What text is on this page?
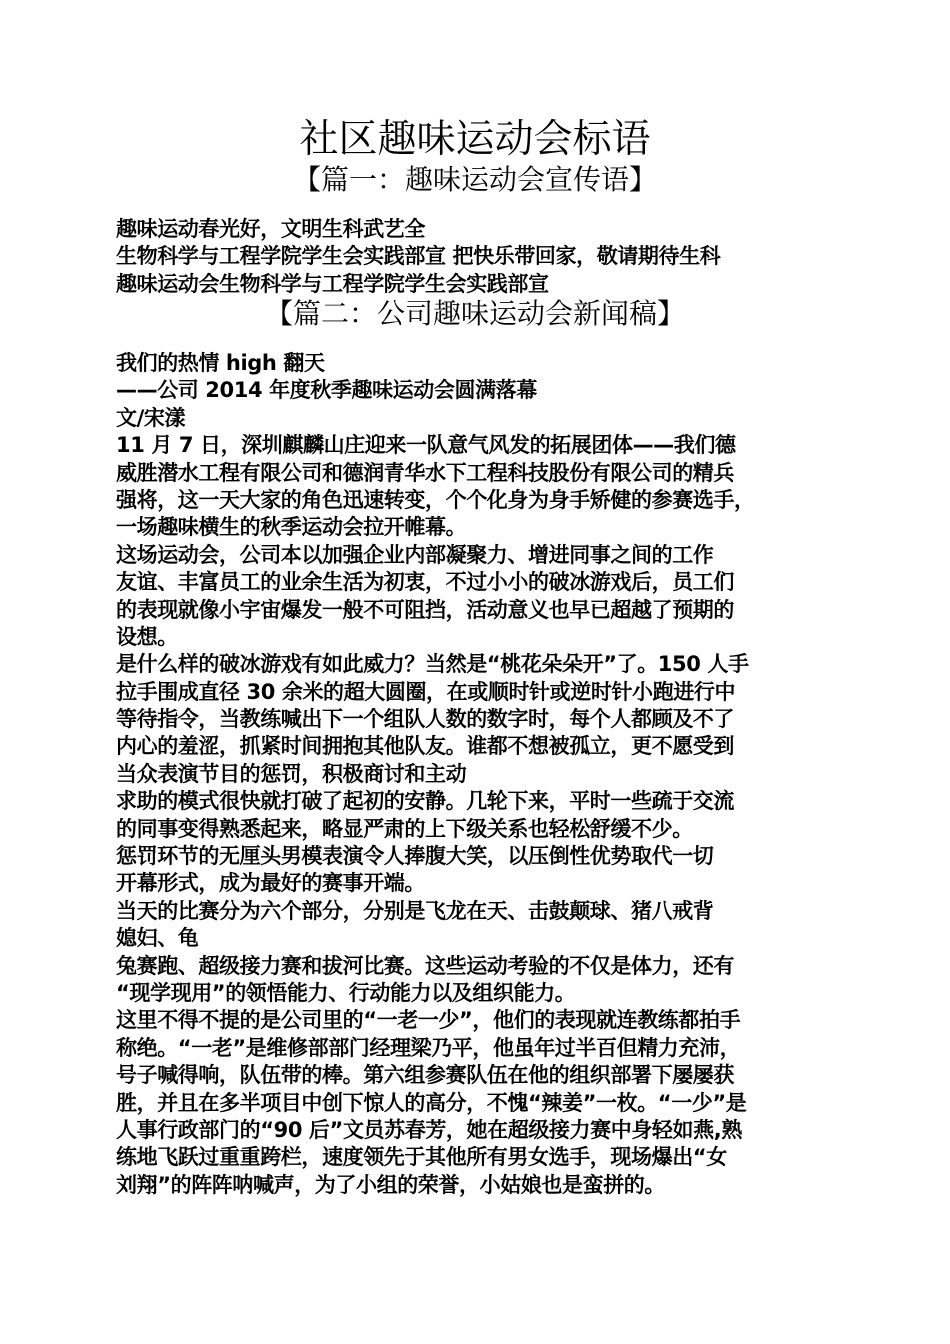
社区趣味运动会标语
【篇一：趣味运动会宣传语】
趣味运动春光好，文明生科武艺全
生物科学与工程学院学生会实践部宣 把快乐带回家，敬请期待生科
趣味运动会生物科学与工程学院学生会实践部宣
【篇二：公司趣味运动会新闻稿】
我们的热情 high 翻天
——公司 2014 年度秋季趣味运动会圆满落幕
文/宋漾
11 月 7 日，深圳麒麟山庄迎来一队意气风发的拓展团体——我们德
威胜潜水工程有限公司和德润青华水下工程科技股份有限公司的精兵
强将，这一天大家的角色迅速转变，个个化身为身手矫健的参赛选手，
一场趣味横生的秋季运动会拉开帷幕。
这场运动会，公司本以加强企业内部凝聚力、增进同事之间的工作
友谊、丰富员工的业余生活为初衷，不过小小的破冰游戏后，员工们
的表现就像小宇宙爆发一般不可阻挡，活动意义也早已超越了预期的
设想。
是什么样的破冰游戏有如此威力？当然是“桃花朵朵开”了。150 人手
拉手围成直径 30 余米的超大圆圈，在或顺时针或逆时针小跑进行中
等待指令，当教练喊出下一个组队人数的数字时，每个人都顾及不了
内心的羞涩，抓紧时间拥抱其他队友。谁都不想被孤立，更不愿受到
当众表演节目的惩罚，积极商讨和主动
求助的模式很快就打破了起初的安静。几轮下来，平时一些疏于交流
的同事变得熟悉起来，略显严肃的上下级关系也轻松舒缓不少。
惩罚环节的无厘头男模表演令人捧腹大笑，以压倒性优势取代一切
开幕形式，成为最好的赛事开端。
当天的比赛分为六个部分，分别是飞龙在天、击鼓颠球、猪八戒背
媳妇、龟
兔赛跑、超级接力赛和拔河比赛。这些运动考验的不仅是体力，还有
“现学现用”的领悟能力、行动能力以及组织能力。
这里不得不提的是公司里的“一老一少”，他们的表现就连教练都拍手
称绝。“一老”是维修部部门经理梁乃平，他虽年过半百但精力充沛，
号子喊得响，队伍带的棒。第六组参赛队伍在他的组织部署下屡屡获
胜，并且在多半项目中创下惊人的高分，不愧“辣姜”一枚。“一少”是
人事行政部门的“90 后”文员苏春芳，她在超级接力赛中身轻如燕,熟
练地飞跃过重重跨栏，速度领先于其他所有男女选手，现场爆出“女
刘翔”的阵阵呐喊声，为了小组的荣誉，小姑娘也是蛮拼的。
